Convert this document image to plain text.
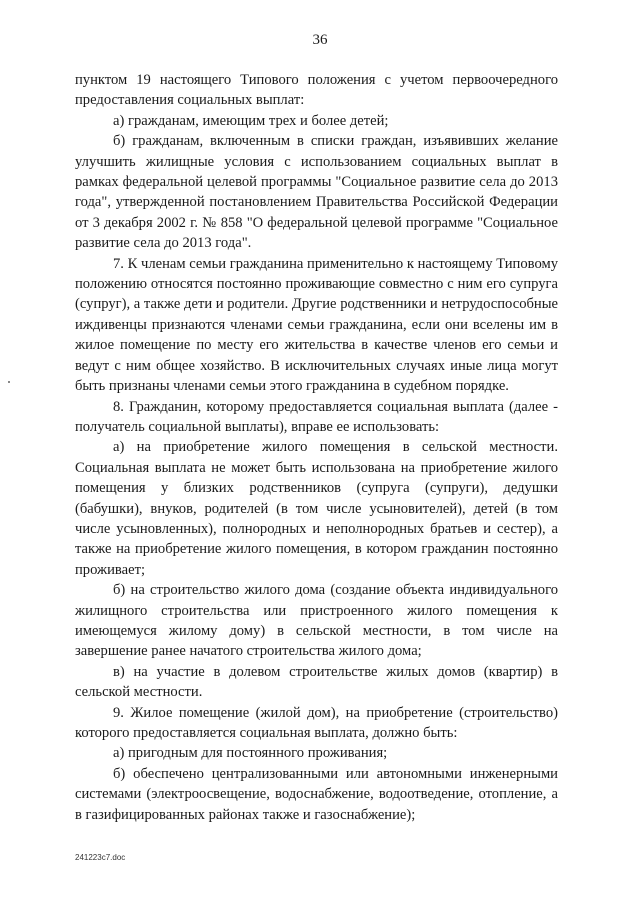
36

пунктом 19 настоящего Типового положения с учетом первоочередного предоставления социальных выплат:

а) гражданам, имеющим трех и более детей;

б) гражданам, включенным в списки граждан, изъявивших желание улучшить жилищные условия с использованием социальных выплат в рамках федеральной целевой программы "Социальное развитие села до 2013 года", утвержденной постановлением Правительства Российской Федерации от 3 декабря 2002 г. № 858 "О федеральной целевой программе "Социальное развитие села до 2013 года".

7. К членам семьи гражданина применительно к настоящему Типовому положению относятся постоянно проживающие совместно с ним его супруга (супруг), а также дети и родители. Другие родственники и нетрудоспособные иждивенцы признаются членами семьи гражданина, если они вселены им в жилое помещение по месту его жительства в качестве членов его семьи и ведут с ним общее хозяйство. В исключительных случаях иные лица могут быть признаны членами семьи этого гражданина в судебном порядке.

8. Гражданин, которому предоставляется социальная выплата (далее - получатель социальной выплаты), вправе ее использовать:

а) на приобретение жилого помещения в сельской местности. Социальная выплата не может быть использована на приобретение жилого помещения у близких родственников (супруга (супруги), дедушки (бабушки), внуков, родителей (в том числе усыновителей), детей (в том числе усыновленных), полнородных и неполнородных братьев и сестер), а также на приобретение жилого помещения, в котором гражданин постоянно проживает;

б) на строительство жилого дома (создание объекта индивидуального жилищного строительства или пристроенного жилого помещения к имеющемуся жилому дому) в сельской местности, в том числе на завершение ранее начатого строительства жилого дома;

в) на участие в долевом строительстве жилых домов (квартир) в сельской местности.

9. Жилое помещение (жилой дом), на приобретение (строительство) которого предоставляется социальная выплата, должно быть:

а) пригодным для постоянного проживания;

б) обеспечено централизованными или автономными инженерными системами (электроосвещение, водоснабжение, водоотведение, отопление, а в газифицированных районах также и газоснабжение);

241223с7.doc
